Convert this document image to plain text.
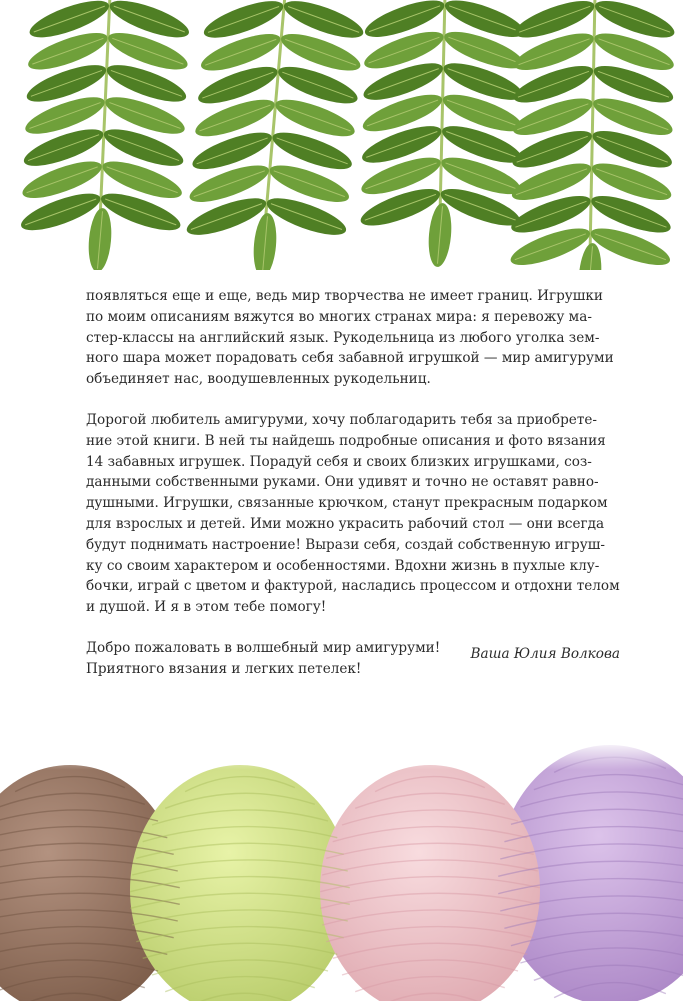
появляться еще и еще, ведь мир творчества не имеет границ. Игрушки
по моим описаниям вяжутся во многих странах мира: я перевожу ма-
стер-классы на английский язык. Рукодельница из любого уголка зем-
ного шара может порадовать себя забавной игрушкой — мир амигуруми
объединяет нас, воодушевленных рукодельниц.

Дорогой любитель амигуруми, хочу поблагодарить тебя за приобрете-
ние этой книги. В ней ты найдешь подробные описания и фото вязания
14 забавных игрушек. Порадуй себя и своих близких игрушками, соз-
данными собственными руками. Они удивят и точно не оставят равно-
душными. Игрушки, связанные крючком, станут прекрасным подарком
для взрослых и детей. Ими можно украсить рабочий стол — они всегда
будут поднимать настроение! Вырази себя, создай собственную игруш-
ку со своим характером и особенностями. Вдохни жизнь в пухлые клу-
бочки, играй с цветом и фактурой, насладись процессом и отдохни телом
и душой. И я в этом тебе помогу!

Добро пожаловать в волшебный мир амигуруми!
Приятного вязания и легких петелек!

Ваша Юлия Волкова
